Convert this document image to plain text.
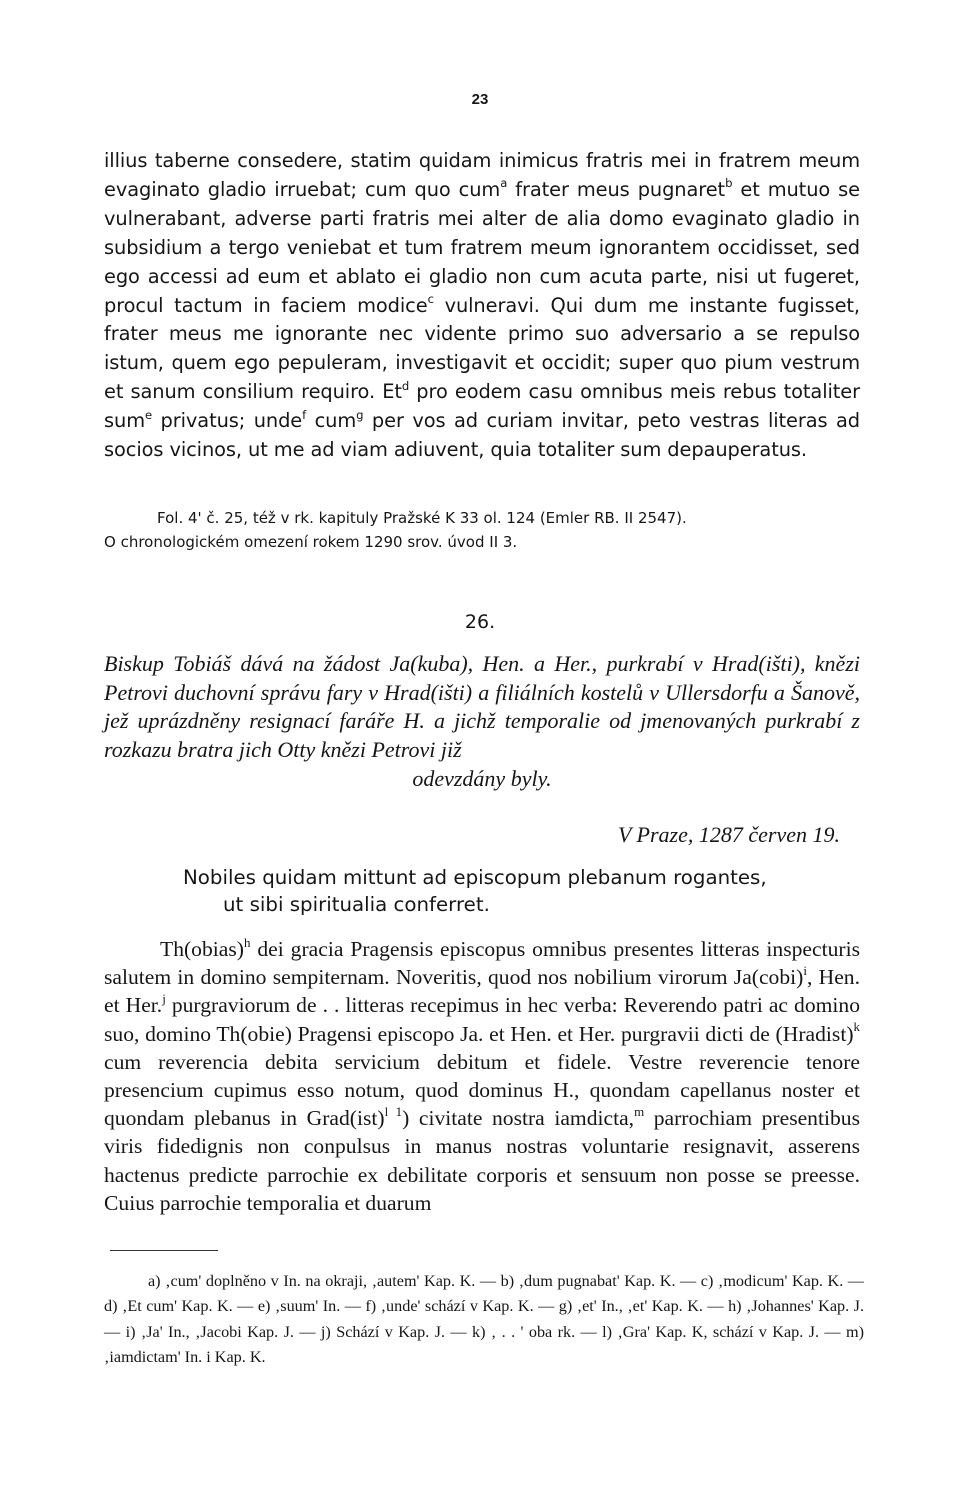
23

illius taberne consedere, statim quidam inimicus fratris mei in fratrem meum evaginato gladio irruebat; cum quo cum$^a$ frater meus pugnaret$^b$ et mutuo se vulnerabant, adverse parti fratris mei alter de alia domo evaginato gladio in subsidium a tergo veniebat et tum fratrem meum ignorantem occidisset, sed ego accessi ad eum et ablato ei gladio non cum acuta parte, nisi ut fugeret, procul tactum in faciem modice$^c$ vulneravi. Qui dum me instante fugisset, frater meus me ignorante nec vidente primo suo adversario a se repulso istum, quem ego pepuleram, investigavit et occidit; super quo pium vestrum et sanum consilium requiro. Et$^d$ pro eodem casu omnibus meis rebus totaliter sum$^e$ privatus; unde$^f$ cum$^g$ per vos ad curiam invitar, peto vestras literas ad socios vicinos, ut me ad viam adiuvent, quia totaliter sum depauperatus.

Fol. 4' č. 25, též v rk. kapituly Pražské K 33 ol. 124 (Emler RB. II 2547).
O chronologickém omezení rokem 1290 srov. úvod II 3.
26.
Biskup Tobiáš dává na žádost Ja(kuba), Hen. a Her., purkrabí v Hrad(išti), knězi Petrovi duchovní správu fary v Hrad(išti) a filiálních kostelů v Ullersdorfu a Šanově, jež uprázdněny resignací faráře H. a jichž temporalie od jmenovaných purkrabí z rozkazu bratra jich Otty knězi Petrovi již
odevzdány byly.
V Praze, 1287 červen 19.
Nobiles quidam mittunt ad episcopum plebanum rogantes,
ut sibi spiritualia conferret.

Th(obias)$^h$ dei gracia Pragensis episcopus omnibus presentes litteras inspecturis salutem in domino sempiternam. Noveritis, quod nos nobilium virorum Ja(cobi)$^i$, Hen. et Her.$^j$ purgraviorum de . . litteras recepimus in hec verba: Reverendo patri ac domino suo, domino Th(obie) Pragensi episcopo Ja. et Hen. et Her. purgravii dicti de (Hradist)$^k$ cum reverencia debita servicium debitum et fidele. Vestre reverencie tenore presencium cupimus esso notum, quod dominus H., quondam capellanus noster et quondam plebanus in Grad(ist)$^{l 1}$) civitate nostra iamdicta,$^m$ parrochiam presentibus viris fidedignis non conpulsus in manus nostras voluntarie resignavit, asserens hactenus predicte parrochie ex debilitate corporis et sensuum non posse se preesse. Cuius parrochie temporalia et duarum

a) ‚cum' doplněno v In. na okraji, ‚autem' Kap. K. — b) ‚dum pugnabat' Kap. K. — c) ‚modicum' Kap. K. — d) ‚Et cum' Kap. K. — e) ‚suum' In. — f) ‚unde' schází v Kap. K. — g) ‚et' In., ‚et' Kap. K. — h) ‚Johannes' Kap. J. — i) ‚Ja' In., ‚Jacobi Kap. J. — j) Schází v Kap. J. — k) ‚ . . ' oba rk. — l) ‚Gra' Kap. K, schází v Kap. J. — m) ‚iamdictam' In. i Kap. K.
